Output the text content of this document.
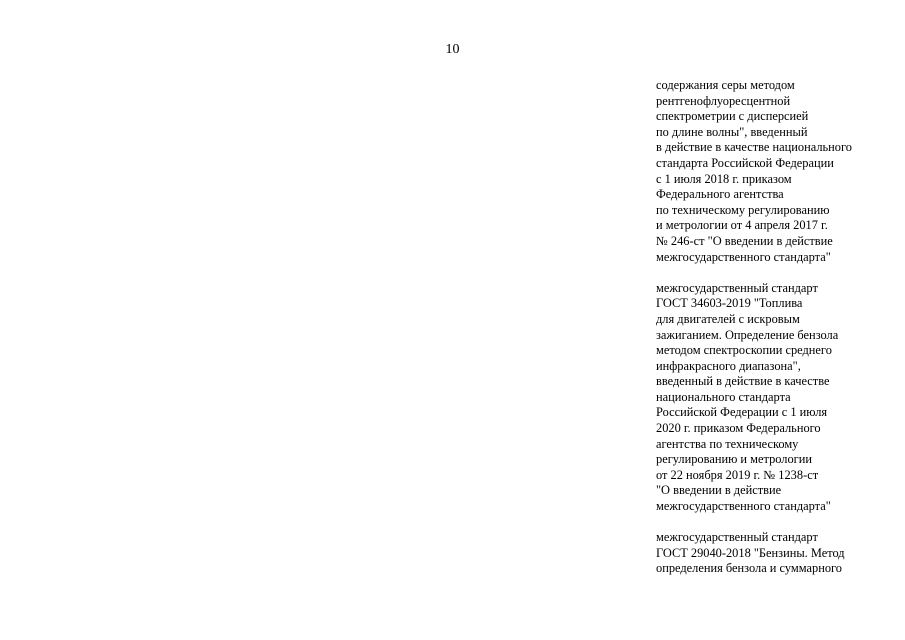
10
содержания серы методом
рентгенофлуоресцентной
спектрометрии с дисперсией
по длине волны", введенный
в действие в качестве национального
стандарта Российской Федерации
с 1 июля 2018 г. приказом
Федерального агентства
по техническому регулированию
и метрологии от 4 апреля 2017 г.
№ 246-ст "О введении в действие
межгосударственного стандарта"
межгосударственный стандарт
ГОСТ 34603-2019 "Топлива
для двигателей с искровым
зажиганием. Определение бензола
методом спектроскопии среднего
инфракрасного диапазона",
введенный в действие в качестве
национального стандарта
Российской Федерации с 1 июля
2020 г. приказом Федерального
агентства по техническому
регулированию и метрологии
от 22 ноября 2019 г. № 1238-ст
"О введении в действие
межгосударственного стандарта"
межгосударственный стандарт
ГОСТ 29040-2018 "Бензины. Метод
определения бензола и суммарного
